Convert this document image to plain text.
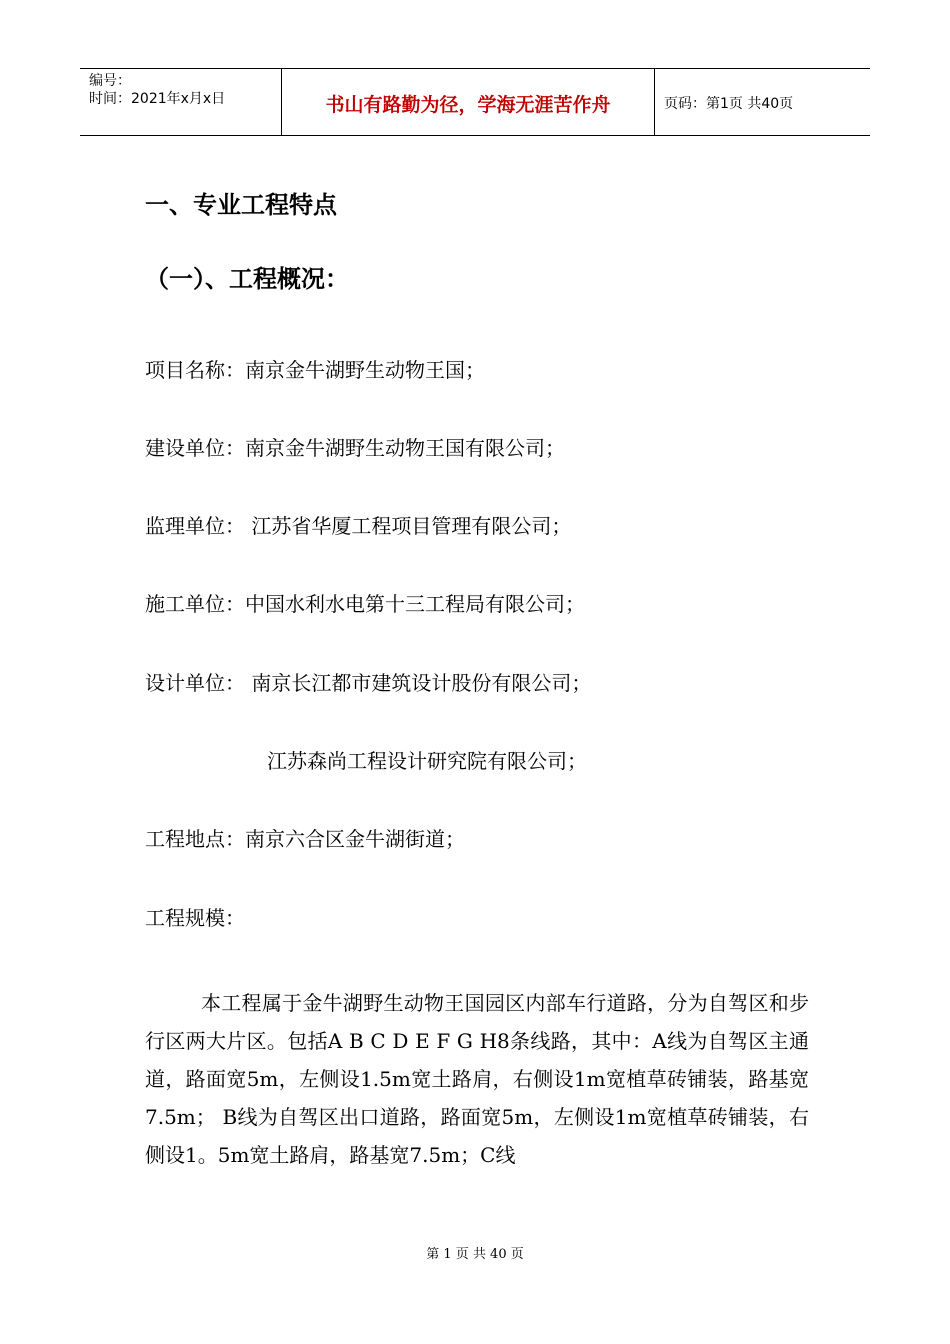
编号：
时间：2021年x月x日	书山有路勤为径，学海无涯苦作舟	页码：第1页 共40页
一、专业工程特点
（一）、工程概况：
项目名称：南京金牛湖野生动物王国；
建设单位：南京金牛湖野生动物王国有限公司；
监理单位： 江苏省华厦工程项目管理有限公司；
施工单位：中国水利水电第十三工程局有限公司；
设计单位： 南京长江都市建筑设计股份有限公司；
江苏森尚工程设计研究院有限公司；
工程地点：南京六合区金牛湖街道；
工程规模：
本工程属于金牛湖野生动物王国园区内部车行道路，分为自驾区和步行区两大片区。包括A B C D E F G H8条线路，其中：A线为自驾区主通道，路面宽5m，左侧设1.5m宽土路肩，右侧设1m宽植草砖铺装，路基宽7.5m； B线为自驾区出口道路，路面宽5m，左侧设1m宽植草砖铺装，右侧设1。5m宽土路肩，路基宽7.5m；C线
第 1 页 共 40 页
